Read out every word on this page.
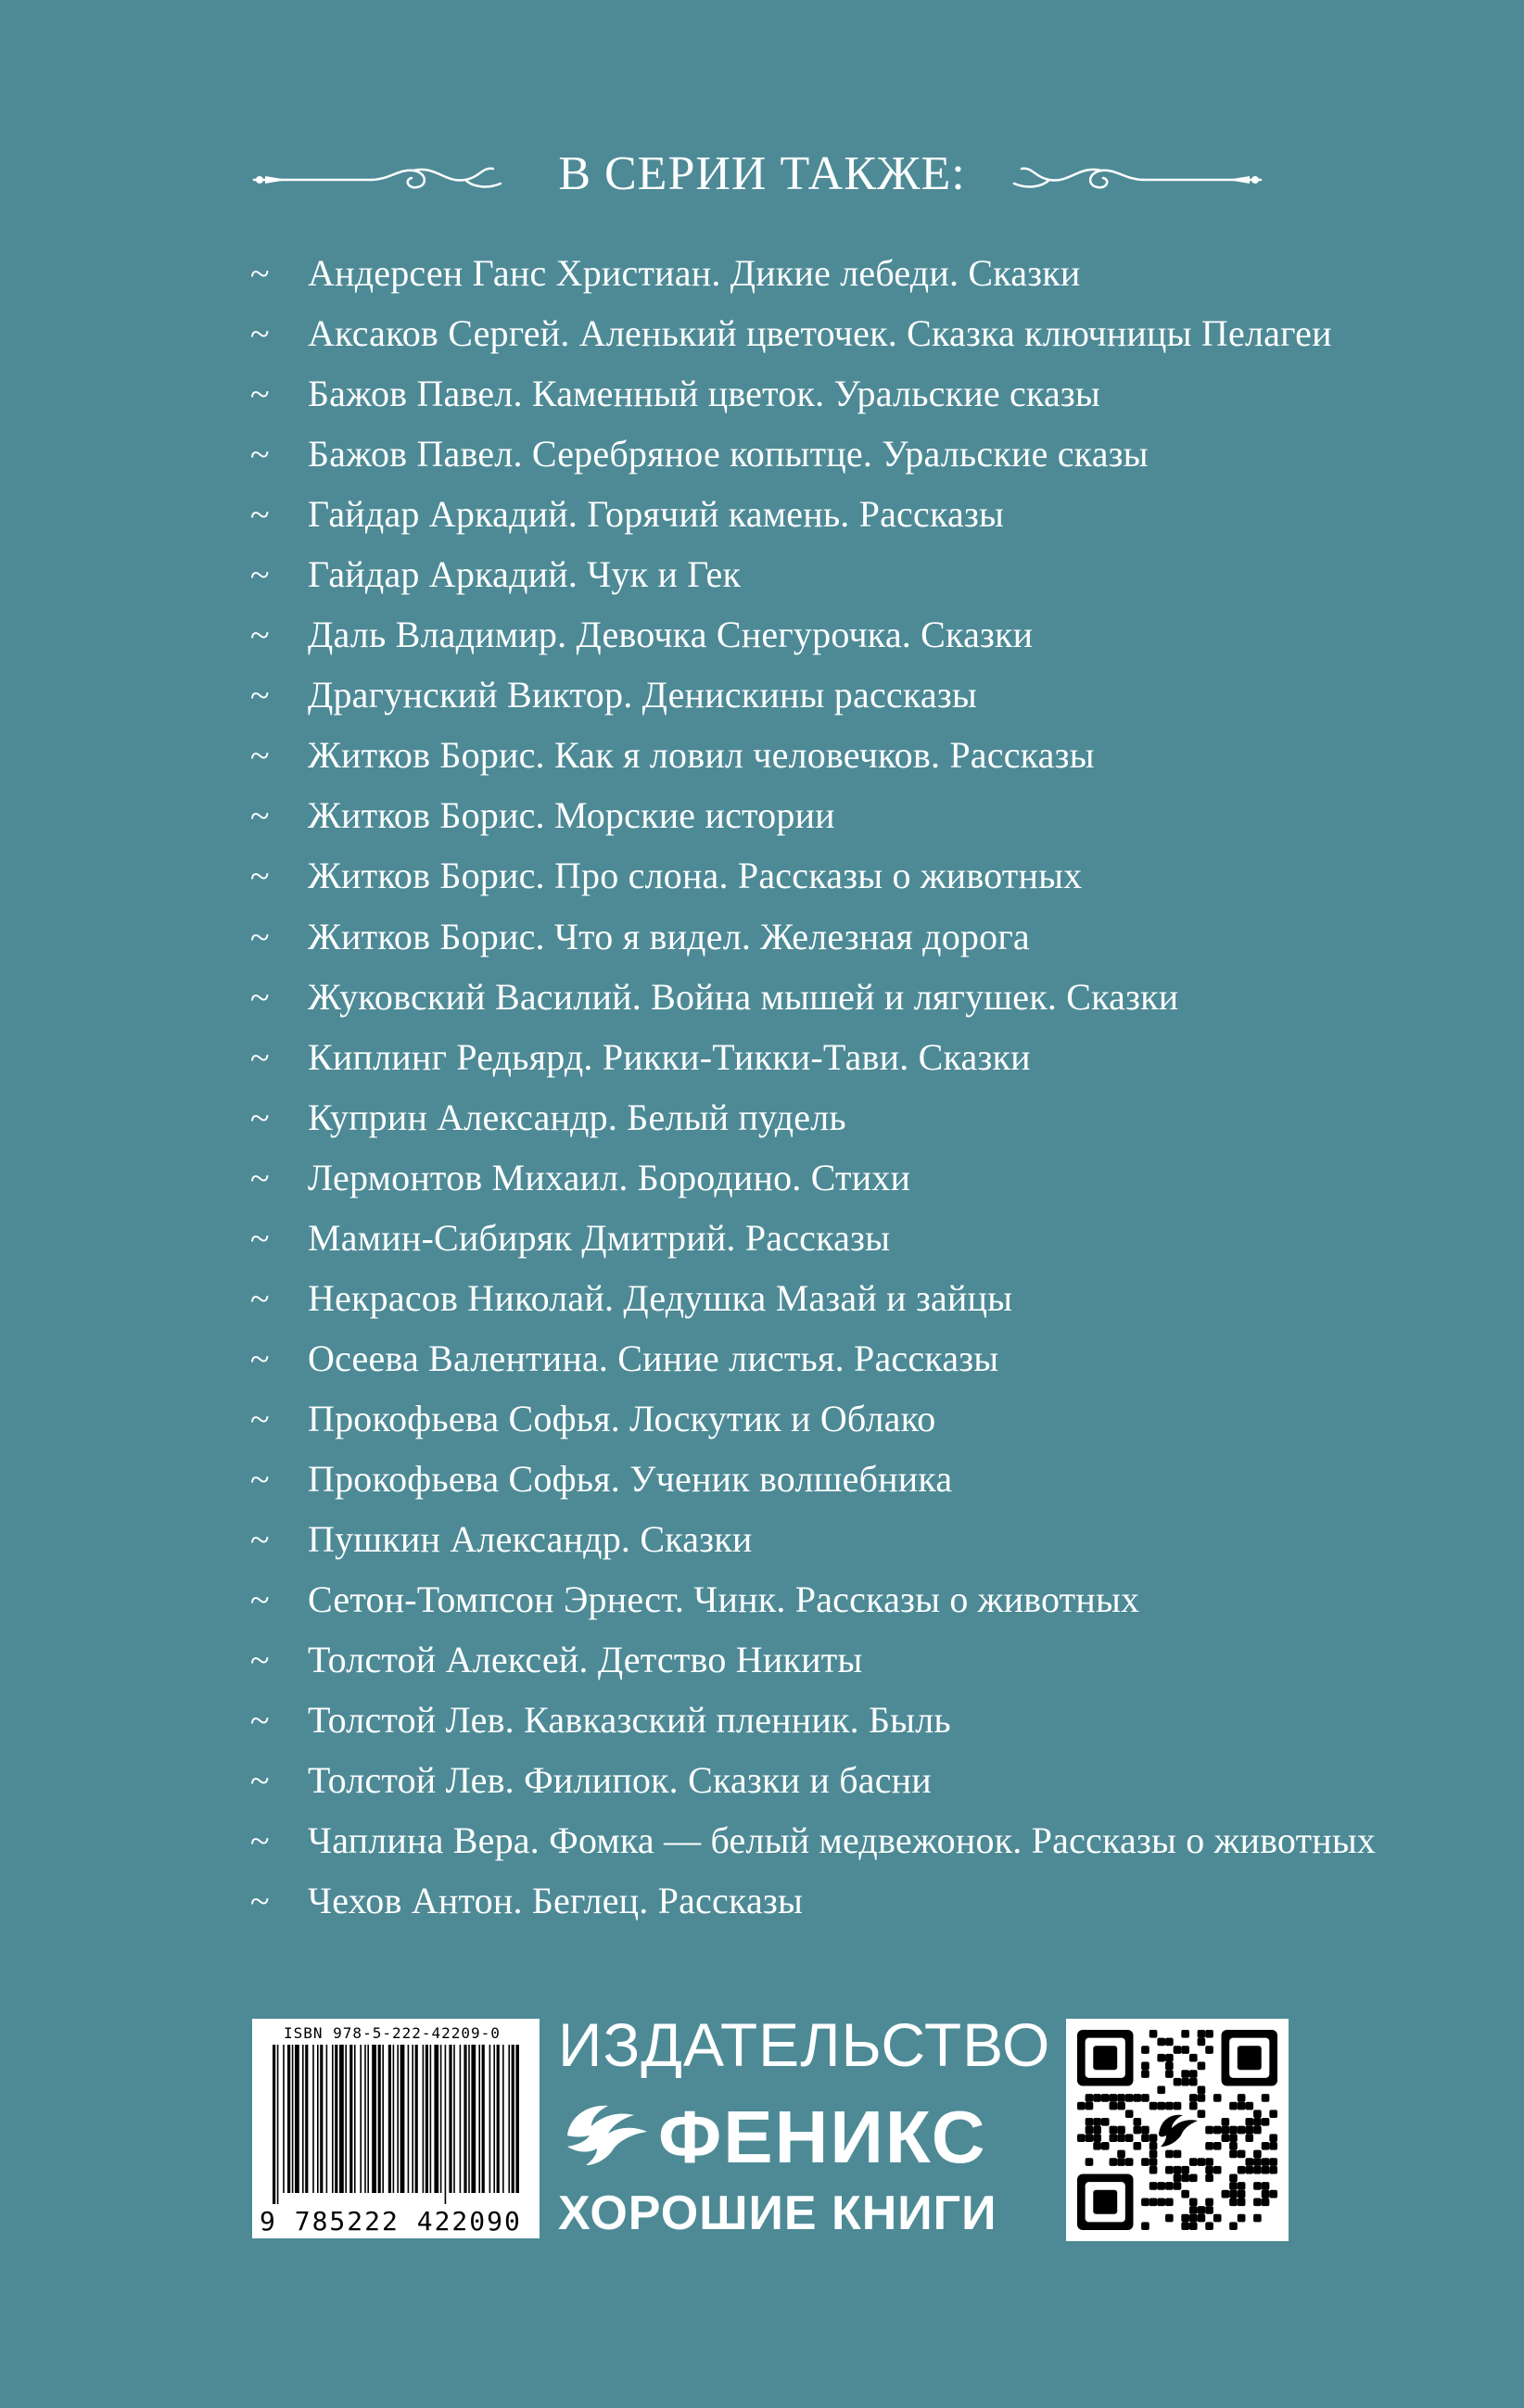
В СЕРИИ ТАКЖЕ:
~ Андерсен Ганс Христиан. Дикие лебеди. Сказки
~ Аксаков Сергей. Аленький цветочек. Сказка ключницы Пелагеи
~ Бажов Павел. Каменный цветок. Уральские сказы
~ Бажов Павел. Серебряное копытце. Уральские сказы
~ Гайдар Аркадий. Горячий камень. Рассказы
~ Гайдар Аркадий. Чук и Гек
~ Даль Владимир. Девочка Снегурочка. Сказки
~ Драгунский Виктор. Денискины рассказы
~ Житков Борис. Как я ловил человечков. Рассказы
~ Житков Борис. Морские истории
~ Житков Борис. Про слона. Рассказы о животных
~ Житков Борис. Что я видел. Железная дорога
~ Жуковский Василий. Война мышей и лягушек. Сказки
~ Киплинг Редьярд. Рикки-Тикки-Тави. Сказки
~ Куприн Александр. Белый пудель
~ Лермонтов Михаил. Бородино. Стихи
~ Мамин-Сибиряк Дмитрий. Рассказы
~ Некрасов Николай. Дедушка Мазай и зайцы
~ Осеева Валентина. Синие листья. Рассказы
~ Прокофьева Софья. Лоскутик и Облако
~ Прокофьева Софья. Ученик волшебника
~ Пушкин Александр. Сказки
~ Сетон-Томпсон Эрнест. Чинк. Рассказы о животных
~ Толстой Алексей. Детство Никиты
~ Толстой Лев. Кавказский пленник. Быль
~ Толстой Лев. Филипок. Сказки и басни
~ Чаплина Вера. Фомка — белый медвежонок. Рассказы о животных
~ Чехов Антон. Беглец. Рассказы
ISBN 978-5-222-42209-0
9 785222 422090
ИЗДАТЕЛЬСТВО
ФЕНИКС
ХОРОШИЕ КНИГИ
